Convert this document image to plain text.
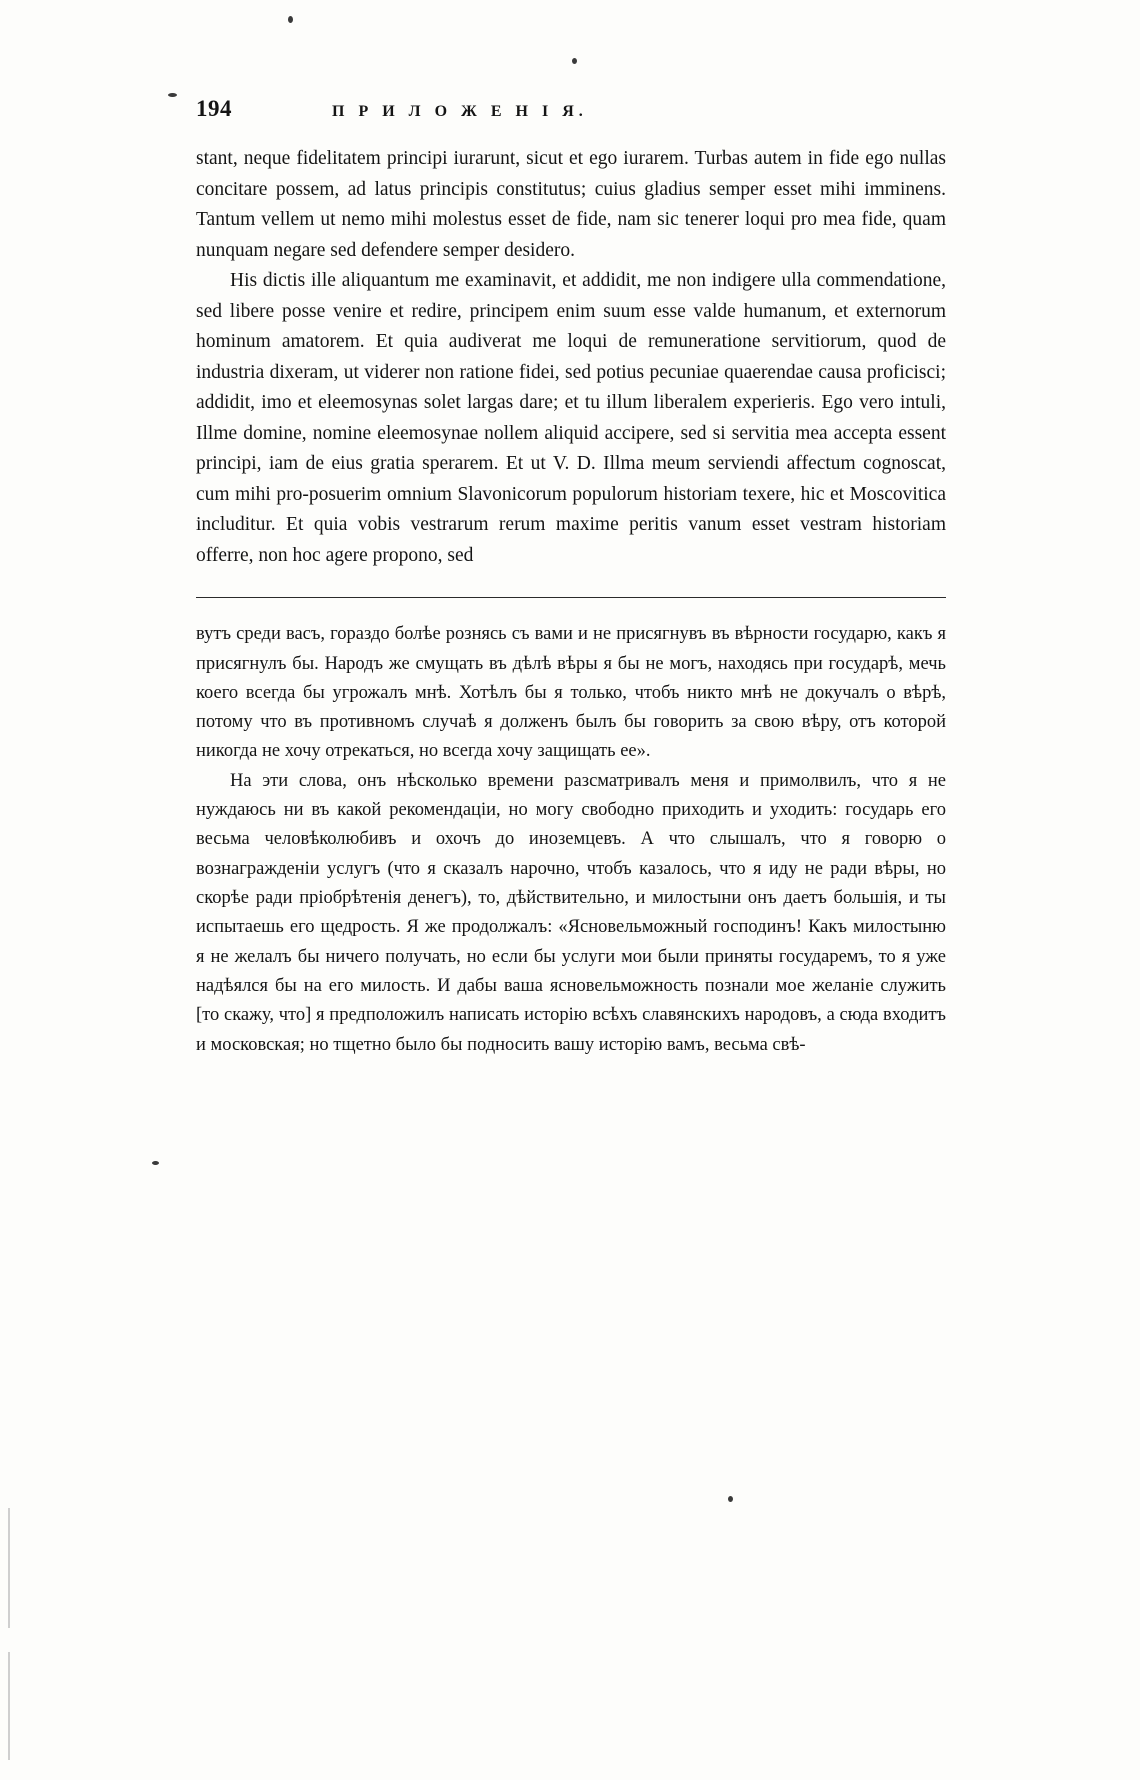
194	П Р И Л О Ж Е Н І Я.

stant, neque fidelitatem principi iurarunt, sicut et ego iurarem. Turbas autem in fide ego nullas concitare possem, ad latus principis constitutus; cuius gladius semper esset mihi imminens. Tantum vellem ut nemo mihi molestus esset de fide, nam sic tenerer loqui pro mea fide, quam nunquam negare sed defendere semper desidero.

His dictis ille aliquantum me examinavit, et addidit, me non indigere ulla commendatione, sed libere posse venire et redire, principem enim suum esse valde humanum, et externorum hominum amatorem. Et quia audiverat me loqui de remuneratione servitiorum, quod de industria dixeram, ut viderer non ratione fidei, sed potius pecuniae quaerendae causa proficisci; addidit, imo et eleemosynas solet largas dare; et tu illum liberalem experieris. Ego vero intuli, Illme domine, nomine eleemosynae nollem aliquid accipere, sed si servitia mea accepta essent principi, iam de eius gratia sperarem. Et ut V. D. Illma meum serviendi affectum cognoscat, cum mihi pro-posuerim omnium Slavonicorum populorum historiam texere, hic et Moscovitica includitur. Et quia vobis vestrarum rerum maxime peritis vanum esset vestram historiam offerre, non hoc agere propono, sed

вутъ среди васъ, гораздо болѣе рознясь съ вами и не присягнувъ въ вѣрности государю, какъ я присягнулъ бы. Народъ же смущать въ дѣлѣ вѣры я бы не могъ, находясь при государѣ, мечь коего всегда бы угрожалъ мнѣ. Хотѣлъ бы я только, чтобъ никто мнѣ не докучалъ о вѣрѣ, потому что въ противномъ случаѣ я долженъ былъ бы говорить за свою вѣру, отъ которой никогда не хочу отрекаться, но всегда хочу защищать ее».

На эти слова, онъ нѣсколько времени разсматривалъ меня и примолвилъ, что я не нуждаюсь ни въ какой рекомендаціи, но могу свободно приходить и уходить: государь его весьма человѣколюбивъ и охочъ до иноземцевъ. А что слышалъ, что я говорю о вознагражденіи услугъ (что я сказалъ нарочно, чтобъ казалось, что я иду не ради вѣры, но скорѣе ради пріобрѣтенія денегъ), то, дѣйствительно, и милостыни онъ даетъ большія, и ты испытаешь его щедрость. Я же продолжалъ: «Ясновельможный господинъ! Какъ милостыню я не желалъ бы ничего получать, но если бы услуги мои были приняты государемъ, то я уже надѣялся бы на его милость. И дабы ваша ясновельможность познали мое желаніе служить [то скажу, что] я предположилъ написать исторію всѣхъ славянскихъ народовъ, а сюда входитъ и московская; но тщетно было бы подносить вашу исторію вамъ, весьма свѣ-
